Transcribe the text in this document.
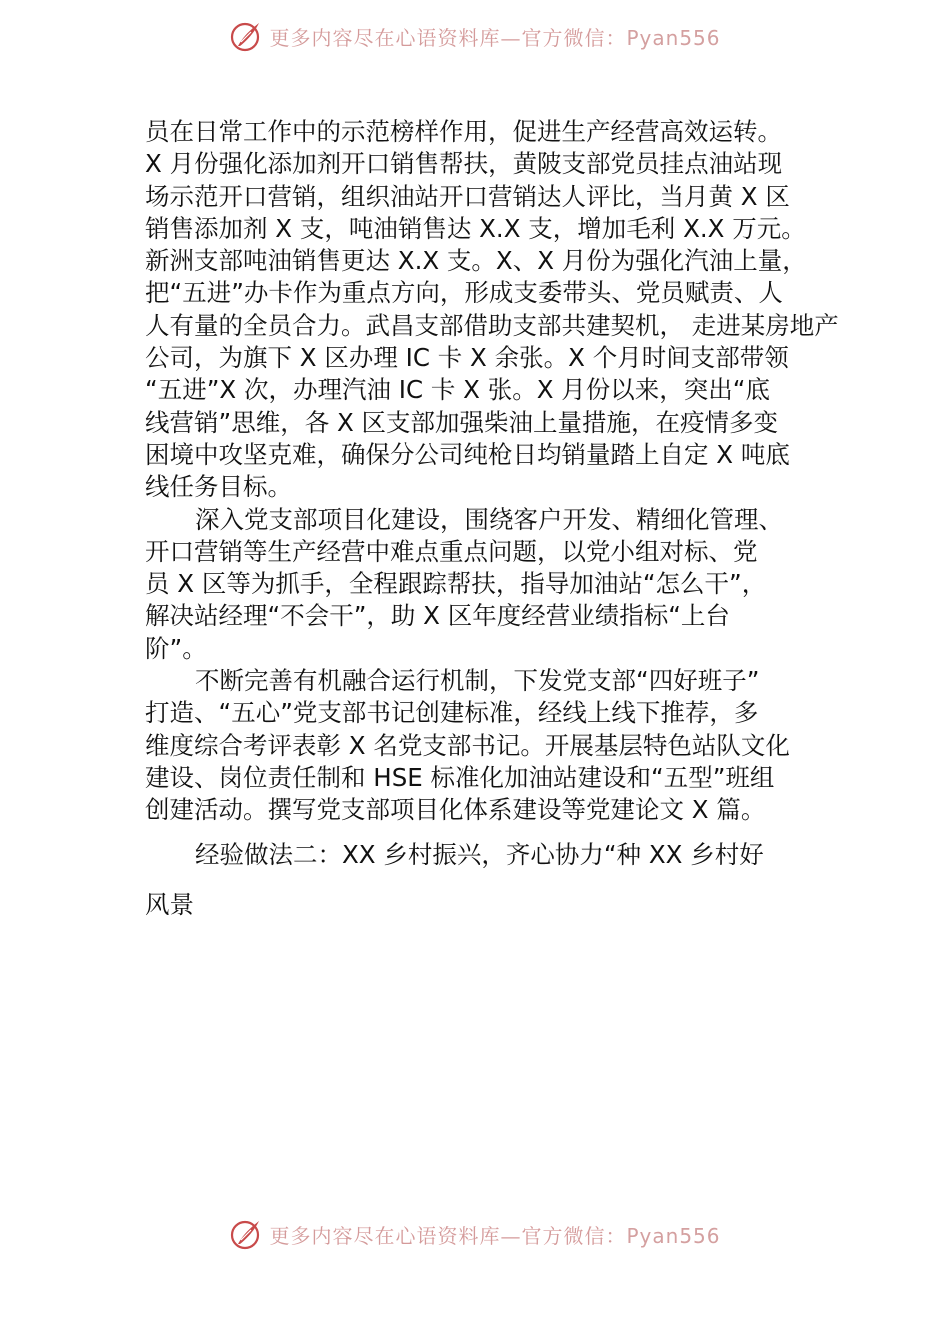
更多内容尽在心语资料库—官方微信：Pyan556
员在日常工作中的示范榜样作用，促进生产经营高效运转。
X 月份强化添加剂开口销售帮扶，黄陂支部党员挂点油站现
场示范开口营销，组织油站开口营销达人评比，当月黄 X 区
销售添加剂 X 支，吨油销售达 X.X 支，增加毛利 X.X 万元。
新洲支部吨油销售更达 X.X 支。X、X 月份为强化汽油上量，
把“五进”办卡作为重点方向，形成支委带头、党员赋责、人
人有量的全员合力。武昌支部借助支部共建契机， 走进某房地产
公司，为旗下 X 区办理 IC 卡 X 余张。X 个月时间支部带领
“五进”X 次，办理汽油 IC 卡 X 张。X 月份以来，突出“底
线营销”思维，各 X 区支部加强柴油上量措施，在疫情多变
困境中攻坚克难，确保分公司纯枪日均销量踏上自定 X 吨底
线任务目标。
深入党支部项目化建设，围绕客户开发、精细化管理、
开口营销等生产经营中难点重点问题，以党小组对标、党
员 X 区等为抓手，全程跟踪帮扶，指导加油站“怎么干”，
解决站经理“不会干”，助 X 区年度经营业绩指标“上台
阶”。
不断完善有机融合运行机制，下发党支部“四好班子”
打造、“五心”党支部书记创建标准，经线上线下推荐，多
维度综合考评表彰 X 名党支部书记。开展基层特色站队文化
建设、岗位责任制和 HSE 标准化加油站建设和“五型”班组
创建活动。撰写党支部项目化体系建设等党建论文 X 篇。
经验做法二：XX 乡村振兴，齐心协力“种 XX 乡村好
风景
更多内容尽在心语资料库—官方微信：Pyan556
